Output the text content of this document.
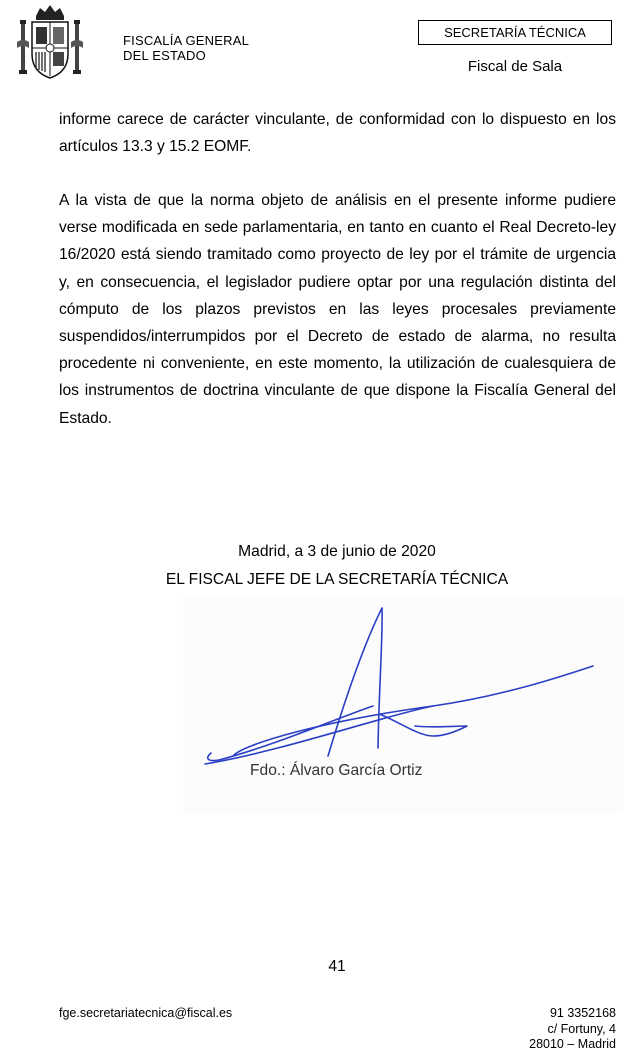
FISCALÍA GENERAL
DEL ESTADO
SECRETARÍA TÉCNICA
Fiscal de Sala

informe carece de carácter vinculante, de conformidad con lo dispuesto en los artículos 13.3 y 15.2 EOMF.

A la vista de que la norma objeto de análisis en el presente informe pudiere verse modificada en sede parlamentaria, en tanto en cuanto el Real Decreto-ley 16/2020 está siendo tramitado como proyecto de ley por el trámite de urgencia y, en consecuencia, el legislador pudiere optar por una regulación distinta del cómputo de los plazos previstos en las leyes procesales previamente suspendidos/interrumpidos por el Decreto de estado de alarma, no resulta procedente ni conveniente, en este momento, la utilización de cualesquiera de los instrumentos de doctrina vinculante de que dispone la Fiscalía General del Estado.

Madrid, a 3 de junio de 2020
EL FISCAL JEFE DE LA SECRETARÍA TÉCNICA
Fdo.: Álvaro García Ortiz
41
fge.secretariatecnica@fiscal.es	91 3352168
c/ Fortuny, 4
28010 – Madrid
